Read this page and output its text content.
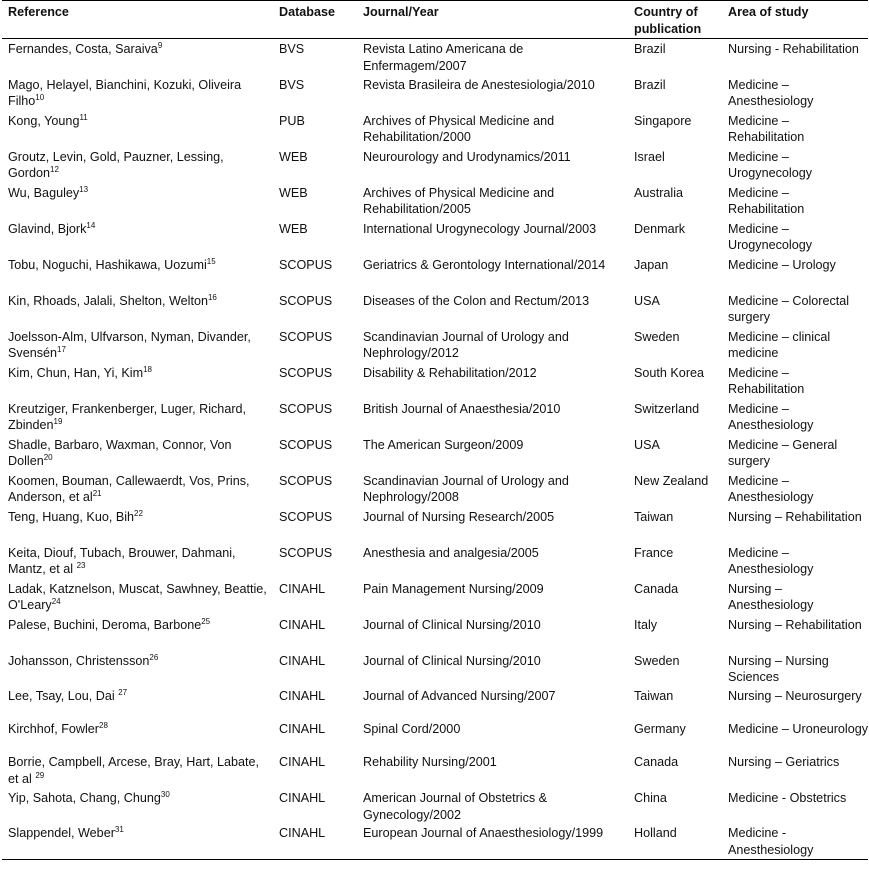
Reference	Database	Journal/Year	Country of publication	Area of study
Fernandes, Costa, Saraiva$^9$	BVS	Revista Latino Americana de Enfermagem/2007	Brazil	Nursing - Rehabilitation
Mago, Helayel, Bianchini, Kozuki, Oliveira Filho$^{10}$	BVS	Revista Brasileira de Anestesiologia/2010	Brazil	Medicine – Anesthesiology
Kong, Young$^{11}$	PUB	Archives of Physical Medicine and Rehabilitation/2000	Singapore	Medicine – Rehabilitation
Groutz, Levin, Gold, Pauzner, Lessing, Gordon$^{12}$	WEB	Neurourology and Urodynamics/2011	Israel	Medicine – Urogynecology
Wu, Baguley$^{13}$	WEB	Archives of Physical Medicine and Rehabilitation/2005	Australia	Medicine – Rehabilitation
Glavind, Bjork$^{14}$	WEB	International Urogynecology Journal/2003	Denmark	Medicine – Urogynecology
Tobu, Noguchi, Hashikawa, Uozumi$^{15}$	SCOPUS	Geriatrics & Gerontology International/2014	Japan	Medicine – Urology
Kin, Rhoads, Jalali, Shelton, Welton$^{16}$	SCOPUS	Diseases of the Colon and Rectum/2013	USA	Medicine – Colorectal surgery
Joelsson-Alm, Ulfvarson, Nyman, Divander, Svensén$^{17}$	SCOPUS	Scandinavian Journal of Urology and Nephrology/2012	Sweden	Medicine – clinical medicine
Kim, Chun, Han, Yi, Kim$^{18}$	SCOPUS	Disability & Rehabilitation/2012	South Korea	Medicine – Rehabilitation
Kreutziger, Frankenberger, Luger, Richard, Zbinden$^{19}$	SCOPUS	British Journal of Anaesthesia/2010	Switzerland	Medicine – Anesthesiology
Shadle, Barbaro, Waxman, Connor, Von Dollen$^{20}$	SCOPUS	The American Surgeon/2009	USA	Medicine – General surgery
Koomen, Bouman, Callewaerdt, Vos, Prins, Anderson, et $al^{21}$	SCOPUS	Scandinavian Journal of Urology and Nephrology/2008	New Zealand	Medicine – Anesthesiology
Teng, Huang, Kuo, Bih$^{22}$	SCOPUS	Journal of Nursing Research/2005	Taiwan	Nursing – Rehabilitation
Keita, Diouf, Tubach, Brouwer, Dahmani, Mantz, et al $^{23}$	SCOPUS	Anesthesia and analgesia/2005	France	Medicine – Anesthesiology
Ladak, Katznelson, Muscat, Sawhney, Beattie, O'Leary$^{24}$	CINAHL	Pain Management Nursing/2009	Canada	Nursing – Anesthesiology
Palese, Buchini, Deroma, Barbone$^{25}$	CINAHL	Journal of Clinical Nursing/2010	Italy	Nursing – Rehabilitation
Johansson, Christensson$^{26}$	CINAHL	Journal of Clinical Nursing/2010	Sweden	Nursing – Nursing Sciences
Lee, Tsay, Lou, Dai $^{27}$	CINAHL	Journal of Advanced Nursing/2007	Taiwan	Nursing – Neurosurgery
Kirchhof, Fowler$^{28}$	CINAHL	Spinal Cord/2000	Germany	Medicine – Uroneurology
Borrie, Campbell, Arcese, Bray, Hart, Labate, et al $^{29}$	CINAHL	Rehability Nursing/2001	Canada	Nursing – Geriatrics
Yip, Sahota, Chang, Chung$^{30}$	CINAHL	American Journal of Obstetrics & Gynecology/2002	China	Medicine - Obstetrics
Slappendel, Weber$^{31}$	CINAHL	European Journal of Anaesthesiology/1999	Holland	Medicine - Anesthesiology
